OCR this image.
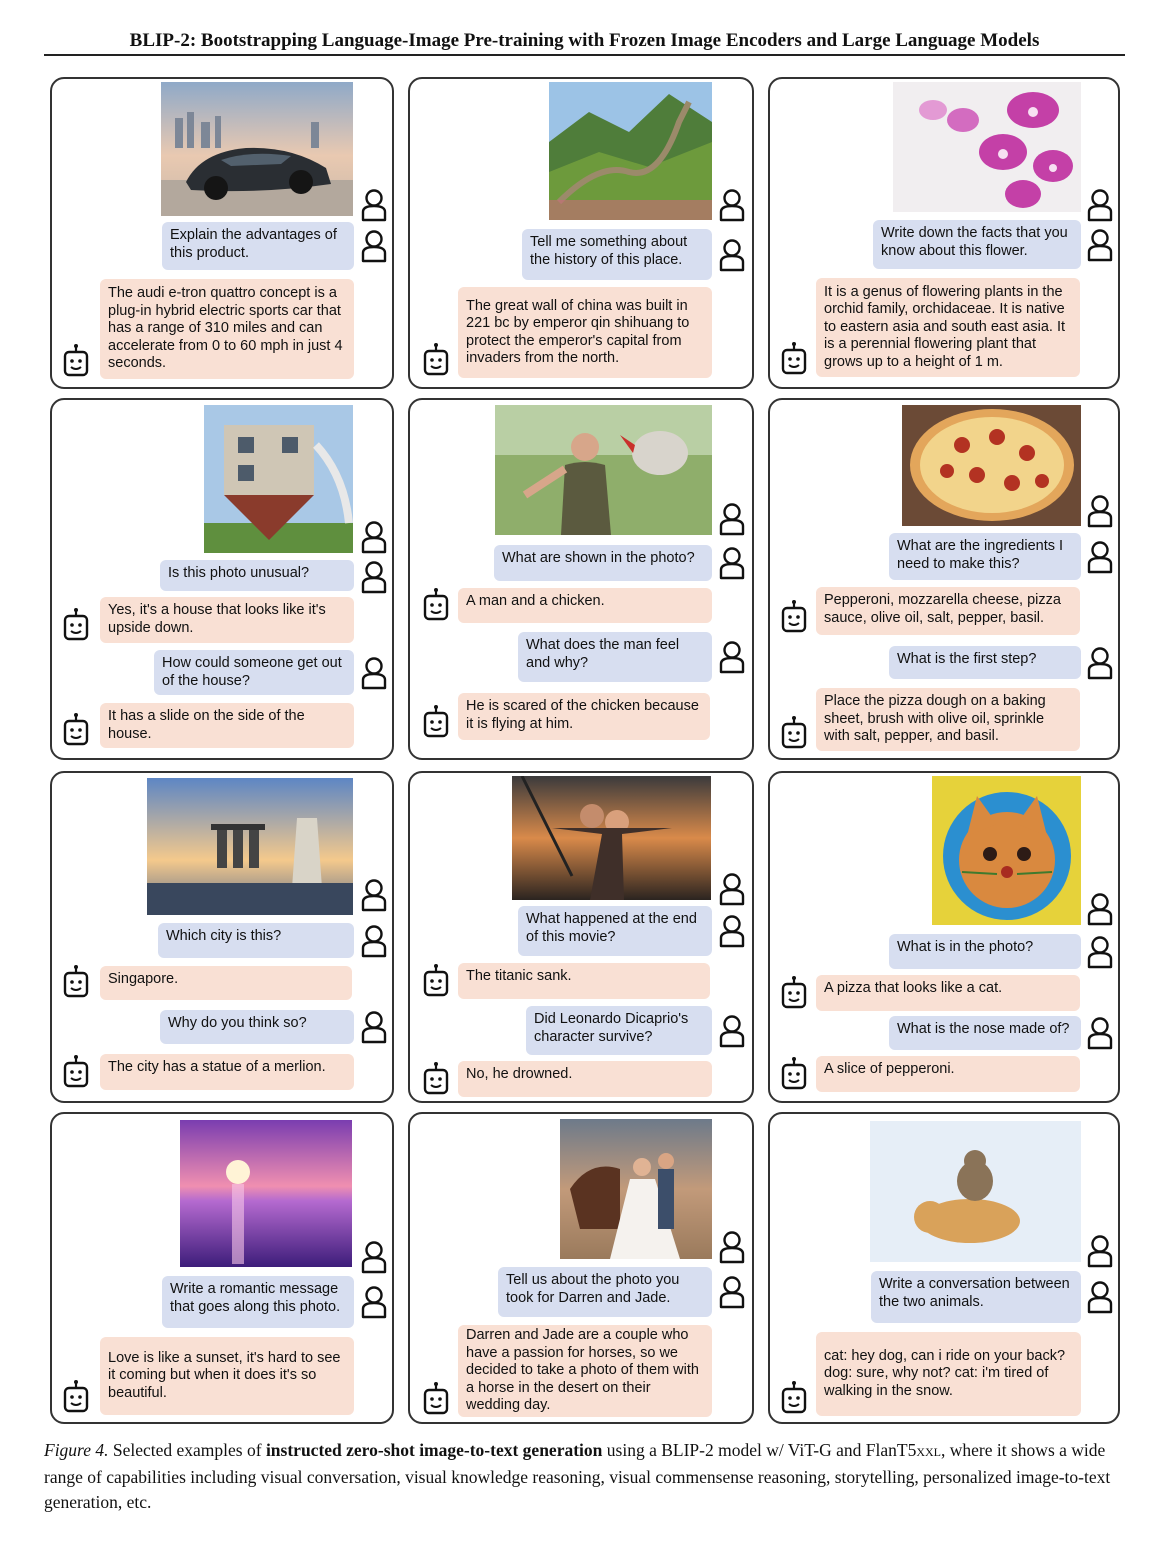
BLIP-2: Bootstrapping Language-Image Pre-training with Frozen Image Encoders and Large Language Models
Figure 4. Selected examples of instructed zero-shot image-to-text generation using a BLIP-2 model w/ ViT-G and FlanT5XXL, where it shows a wide range of capabilities including visual conversation, visual knowledge reasoning, visual commensense reasoning, storytelling, personalized image-to-text generation, etc.
Explain the advantages of this product.
The audi e-tron quattro concept is a plug-in hybrid electric sports car that has a range of 310 miles and can accelerate from 0 to 60 mph in just 4 seconds.
Tell me something about the history of this place.
The great wall of china was built in 221 bc by emperor qin shihuang to protect the emperor's capital from invaders from the north.
Write down the facts that you know about this flower.
It is a genus of flowering plants in the orchid family, orchidaceae. It is native to eastern asia and south east asia. It is a perennial flowering plant that grows up to a height of 1 m.
Is this photo unusual?
Yes, it's a house that looks like it's upside down.
How could someone get out of the house?
It has a slide on the side of the house.
What are shown in the photo?
A man and a chicken.
What does the man feel and why?
He is scared of the chicken because it is flying at him.
What are the ingredients I need to make this?
Pepperoni, mozzarella cheese, pizza sauce, olive oil, salt, pepper, basil.
What is the first step?
Place the pizza dough on a baking sheet, brush with olive oil, sprinkle with salt, pepper, and basil.
Which city is this?
Singapore.
Why do you think so?
The city has a statue of a merlion.
What happened at the end of this movie?
The titanic sank.
Did Leonardo Dicaprio's character survive?
No, he drowned.
What is in the photo?
A pizza that looks like a cat.
What is the nose made of?
A slice of pepperoni.
Write a romantic message that goes along this photo.
Love is like a sunset, it's hard to see it coming but when it does it's so beautiful.
Tell us about the photo you took for Darren and Jade.
Darren and Jade are a couple who have a passion for horses, so we decided to take a photo of them with a horse in the desert on their wedding day.
Write a conversation between the two animals.
cat: hey dog, can i ride on your back? dog: sure, why not? cat: i'm tired of walking in the snow.
